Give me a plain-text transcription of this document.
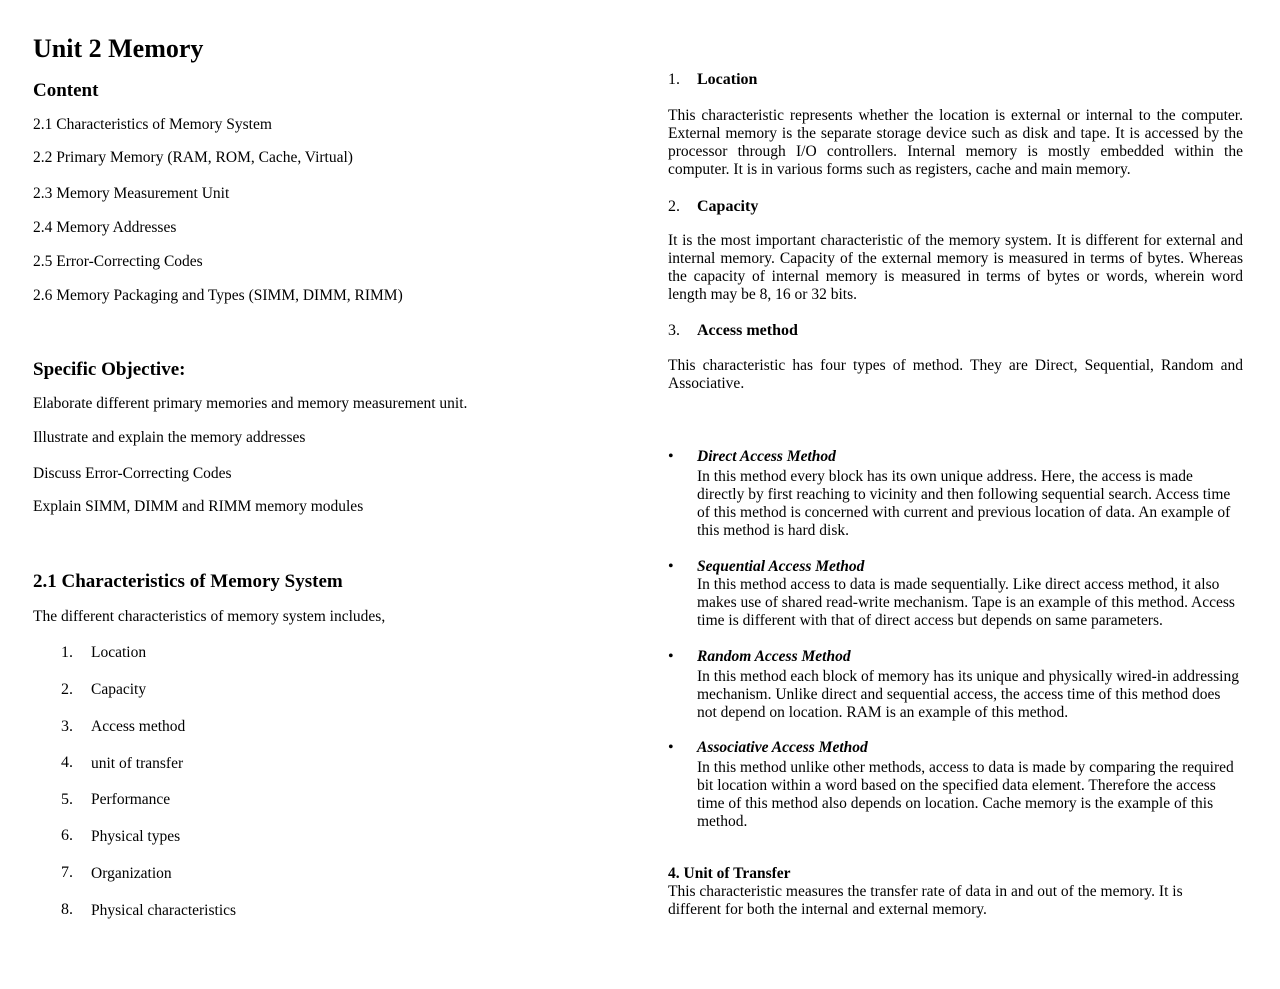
Unit 2 Memory
Content
2.1 Characteristics of Memory System
2.2 Primary Memory (RAM, ROM, Cache, Virtual)
2.3 Memory Measurement Unit
2.4 Memory Addresses
2.5 Error-Correcting Codes
2.6 Memory Packaging and Types (SIMM, DIMM, RIMM)
Specific Objective:
Elaborate different primary memories and memory measurement unit.
Illustrate and explain the memory addresses
Discuss Error-Correcting Codes
Explain SIMM, DIMM and RIMM memory modules
2.1 Characteristics of Memory System
The different characteristics of memory system includes,
1. Location
2. Capacity
3. Access method
4. unit of transfer
5. Performance
6. Physical types
7. Organization
8. Physical characteristics
1. Location

This characteristic represents whether the location is external or internal to the computer. External memory is the separate storage device such as disk and tape. It is accessed by the processor through I/O controllers. Internal memory is mostly embedded within the computer. It is in various forms such as registers, cache and main memory.

2. Capacity

It is the most important characteristic of the memory system. It is different for external and internal memory. Capacity of the external memory is measured in terms of bytes. Whereas the capacity of internal memory is measured in terms of bytes or words, wherein word length may be 8, 16 or 32 bits.

3. Access method

This characteristic has four types of method. They are Direct, Sequential, Random and Associative.

• Direct Access Method

In this method every block has its own unique address. Here, the access is made directly by first reaching to vicinity and then following sequential search. Access time of this method is concerned with current and previous location of data. An example of this method is hard disk.

• Sequential Access Method

In this method access to data is made sequentially. Like direct access method, it also makes use of shared read-write mechanism. Tape is an example of this method. Access time is different with that of direct access but depends on same parameters.

• Random Access Method

In this method each block of memory has its unique and physically wired-in addressing mechanism. Unlike direct and sequential access, the access time of this method does not depend on location. RAM is an example of this method.

• Associative Access Method

In this method unlike other methods, access to data is made by comparing the required bit location within a word based on the specified data element. Therefore the access time of this method also depends on location. Cache memory is the example of this method.

4. Unit of Transfer

This characteristic measures the transfer rate of data in and out of the memory. It is different for both the internal and external memory.
